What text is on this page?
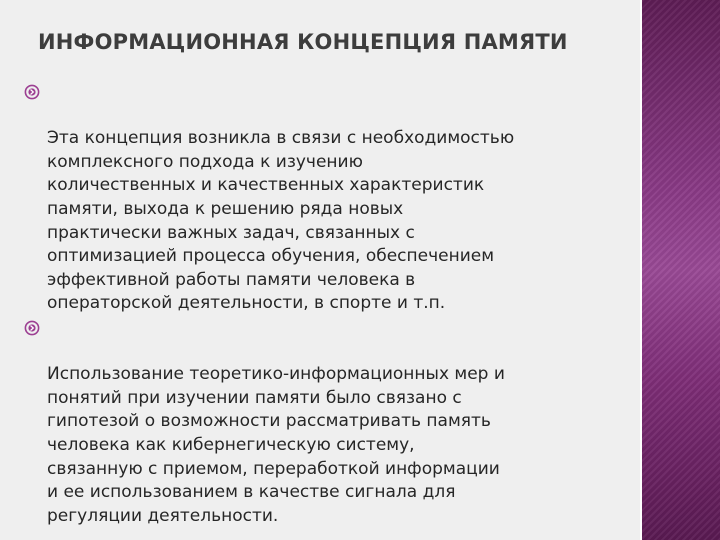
ИНФОРМАЦИОННАЯ КОНЦЕПЦИЯ ПАМЯТИ

Эта концепция возникла в связи с необходимостью
комплексного подхода к изучению
количественных и качественных характеристик
памяти, выхода к решению ряда новых
практически важных задач, связанных с
оптимизацией процесса обучения, обеспечением
эффективной работы памяти человека в
операторской деятельности, в спорте и т.п.

Использование теоретико-информационных мер и
понятий при изучении памяти было связано с
гипотезой о возможности рассматривать память
человека как кибернегическую систему,
связанную с приемом, переработкой информации
и ее использованием в качестве сигнала для
регуляции деятельности.
